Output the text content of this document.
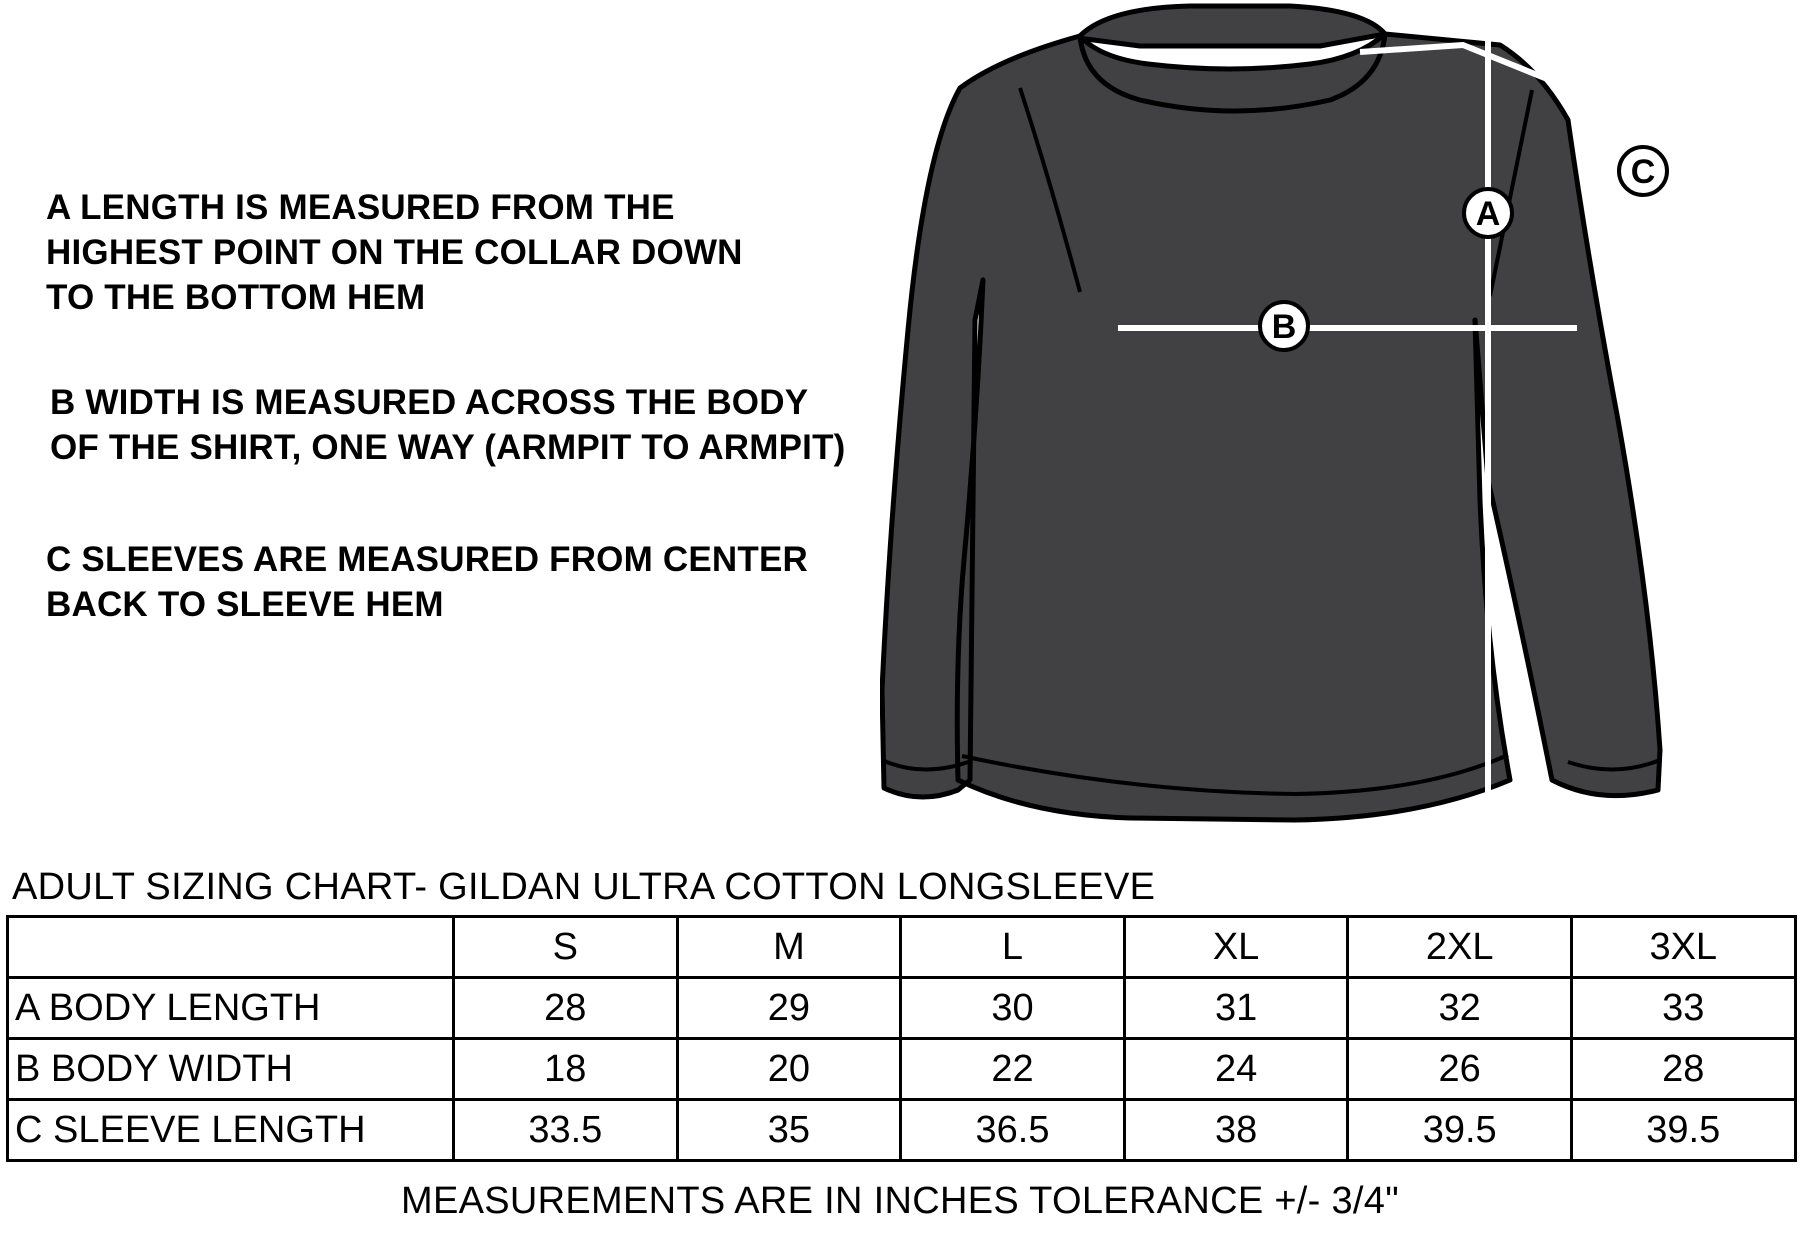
A LENGTH IS MEASURED FROM THE
HIGHEST POINT ON THE COLLAR DOWN
TO THE BOTTOM HEM

B WIDTH IS MEASURED ACROSS THE BODY
OF THE SHIRT, ONE WAY (ARMPIT TO ARMPIT)

C SLEEVES ARE MEASURED FROM CENTER
BACK TO SLEEVE HEM

A
B
C
ADULT SIZING CHART- GILDAN ULTRA COTTON LONGSLEEVE
	S	M	L	XL	2XL	3XL
A BODY LENGTH	28	29	30	31	32	33
B BODY WIDTH	18	20	22	24	26	28
C SLEEVE LENGTH	33.5	35	36.5	38	39.5	39.5

MEASUREMENTS ARE IN INCHES TOLERANCE +/- 3/4"
